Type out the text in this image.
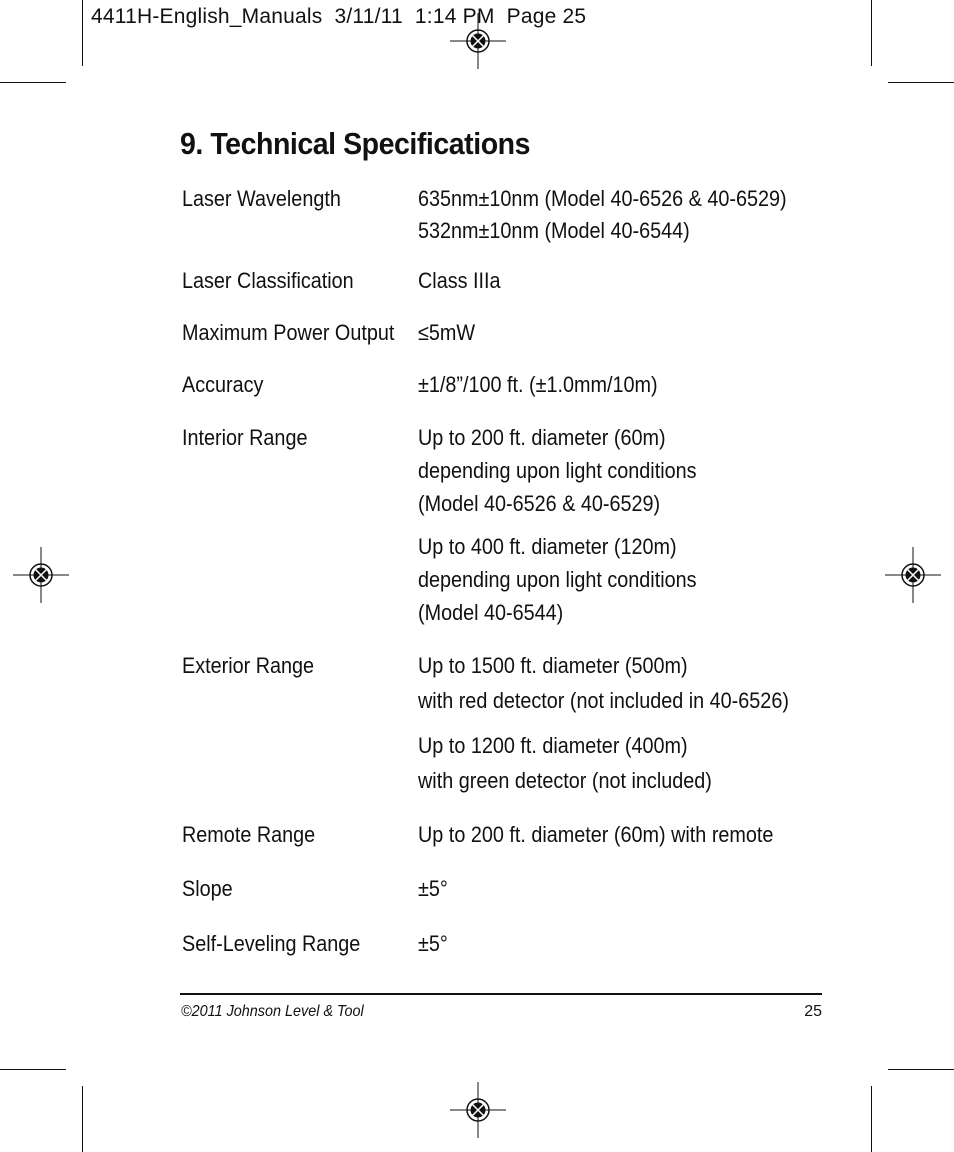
4411H-English_Manuals  3/11/11  1:14 PM  Page 25
9. Technical Specifications
Laser Wavelength	635nm±10nm (Model 40-6526 & 40-6529)
532nm±10nm (Model 40-6544)
Laser Classification	Class IIIa
Maximum Power Output ≤5mW
Accuracy	±1/8”/100 ft. (±1.0mm/10m)
Interior Range	Up to 200 ft. diameter (60m)
depending upon light conditions
(Model 40-6526 & 40-6529)
Up to 400 ft. diameter (120m)
depending upon light conditions
(Model 40-6544)
Exterior Range	Up to 1500 ft. diameter (500m)
with red detector (not included in 40-6526)
Up to 1200 ft. diameter (400m)
with green detector (not included)
Remote Range	Up to 200 ft. diameter (60m) with remote
Slope	±5°
Self-Leveling Range	±5°
©2011 Johnson Level & Tool	25
